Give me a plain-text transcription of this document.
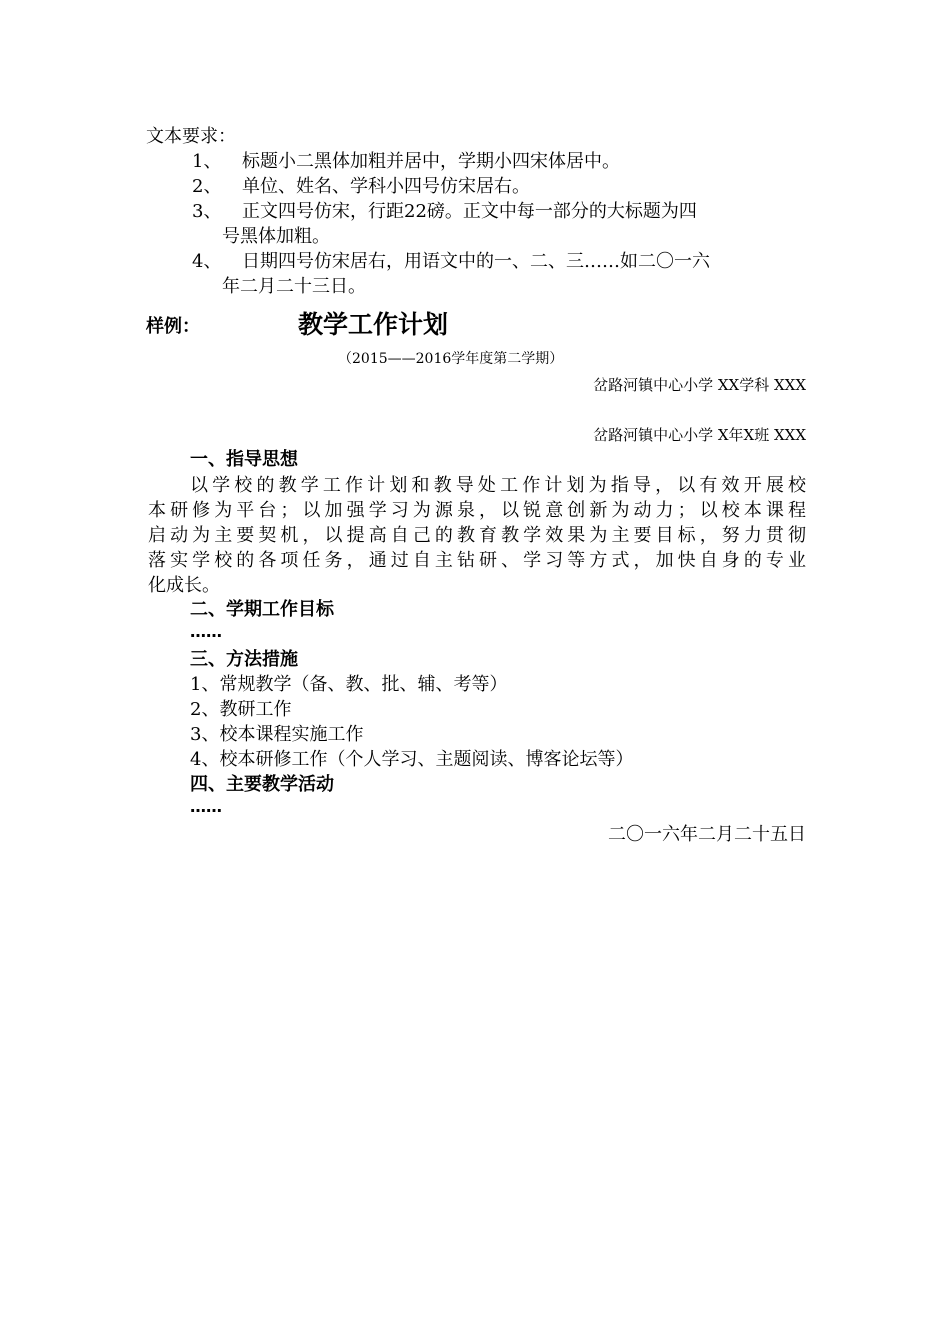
文本要求：
1、 标题小二黑体加粗并居中，学期小四宋体居中。
2、 单位、姓名、学科小四号仿宋居右。
3、 正文四号仿宋，行距22磅。正文中每一部分的大标题为四
号黑体加粗。
4、 日期四号仿宋居右，用语文中的一、二、三……如二〇一六
年二月二十三日。
样例：	教学工作计划
（2015——2016学年度第二学期）
岔路河镇中心小学 XX学科 XXX
岔路河镇中心小学 X年X班 XXX
一、指导思想
以学校的教学工作计划和教导处工作计划为指导，以有效开展校
本研修为平台；以加强学习为源泉，以锐意创新为动力；以校本课程
启动为主要契机，以提高自己的教育教学效果为主要目标，努力贯彻
落实学校的各项任务，通过自主钻研、学习等方式，加快自身的专业
化成长。
二、学期工作目标
……
三、方法措施
1、常规教学（备、教、批、辅、考等）
2、教研工作
3、校本课程实施工作
4、校本研修工作（个人学习、主题阅读、博客论坛等）
四、主要教学活动
……
二〇一六年二月二十五日
